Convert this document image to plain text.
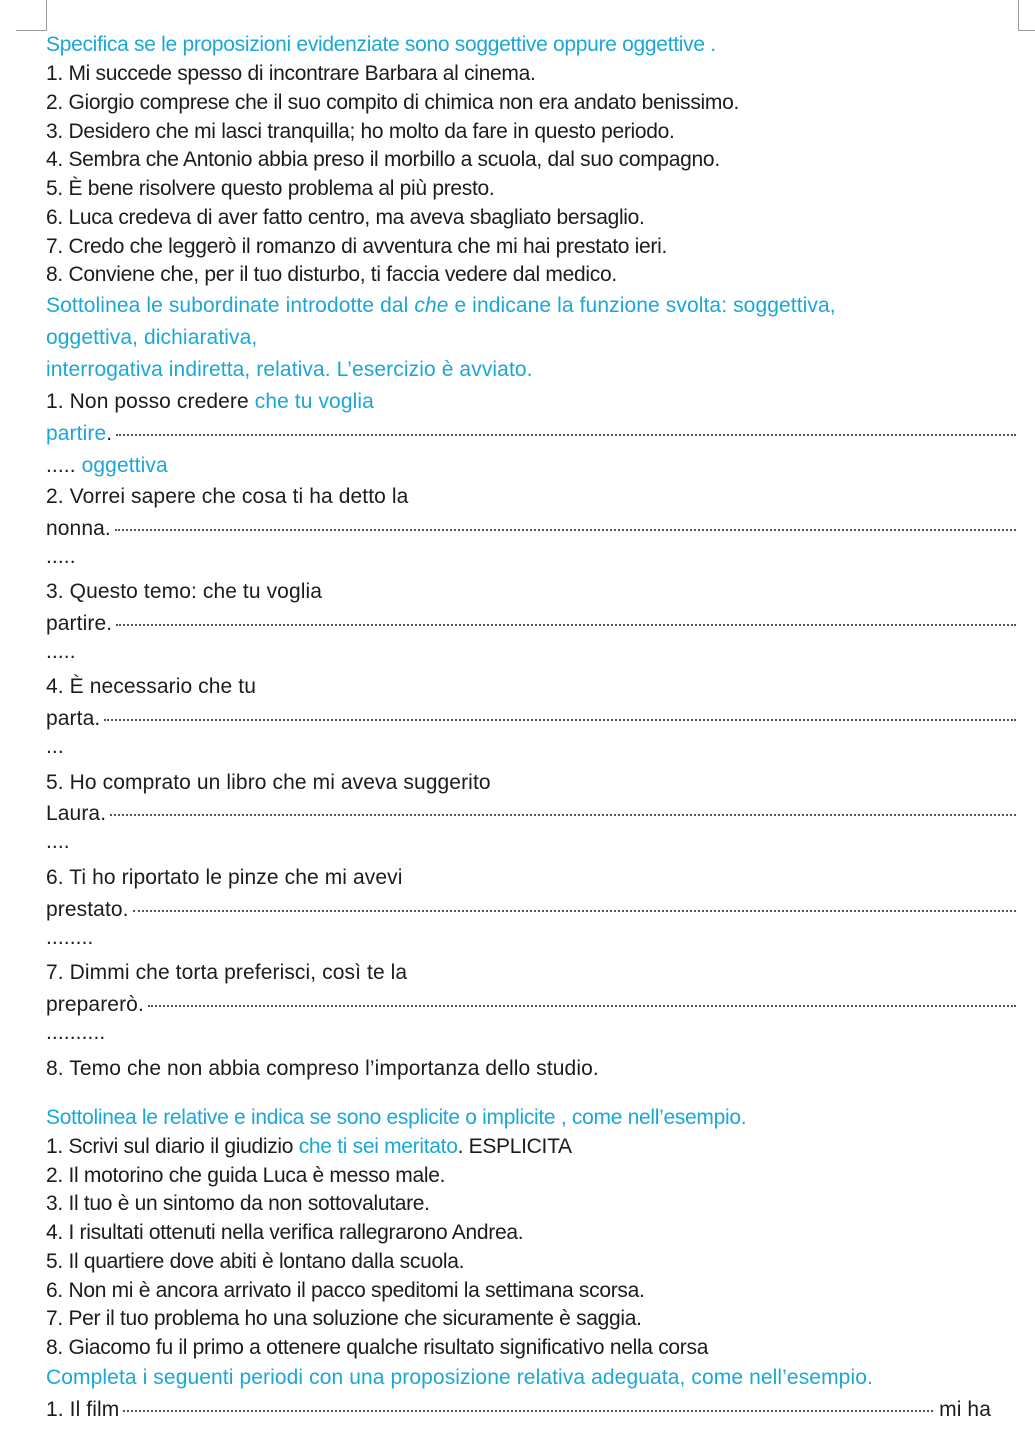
Specifica se le proposizioni evidenziate sono soggettive oppure oggettive .
1. Mi succede spesso di incontrare Barbara al cinema.
2. Giorgio comprese che il suo compito di chimica non era andato benissimo.
3. Desidero che mi lasci tranquilla; ho molto da fare in questo periodo.
4. Sembra che Antonio abbia preso il morbillo a scuola, dal suo compagno.
5. È bene risolvere questo problema al più presto.
6. Luca credeva di aver fatto centro, ma aveva sbagliato bersaglio.
7. Credo che leggerò il romanzo di avventura che mi hai prestato ieri.
8. Conviene che, per il tuo disturbo, ti faccia vedere dal medico.
Sottolinea le subordinate introdotte dal che e indicane la funzione svolta: soggettiva,
oggettiva, dichiarativa,
interrogativa indiretta, relativa. L’esercizio è avviato.
1. Non posso credere che tu voglia
partire .
..... oggettiva
2. Vorrei sapere che cosa ti ha detto la
nonna.
.....
3. Questo temo: che tu voglia
partire.
.....
4. È necessario che tu
parta.
...
5. Ho comprato un libro che mi aveva suggerito
Laura.
....
6. Ti ho riportato le pinze che mi avevi
prestato.
........
7. Dimmi che torta preferisci, così te la
preparerò.
..........
8. Temo che non abbia compreso l’importanza dello studio.
Sottolinea le relative e indica se sono esplicite o implicite , come nell’esempio.
1. Scrivi sul diario il giudizio che ti sei meritato. ESPLICITA
2. Il motorino che guida Luca è messo male.
3. Il tuo è un sintomo da non sottovalutare.
4. I risultati ottenuti nella verifica rallegrarono Andrea.
5. Il quartiere dove abiti è lontano dalla scuola.
6. Non mi è ancora arrivato il pacco speditomi la settimana scorsa.
7. Per il tuo problema ho una soluzione che sicuramente è saggia.
8. Giacomo fu il primo a ottenere qualche risultato significativo nella corsa
Completa i seguenti periodi con una proposizione relativa adeguata, come nell’esempio.
1. Il film	mi ha
